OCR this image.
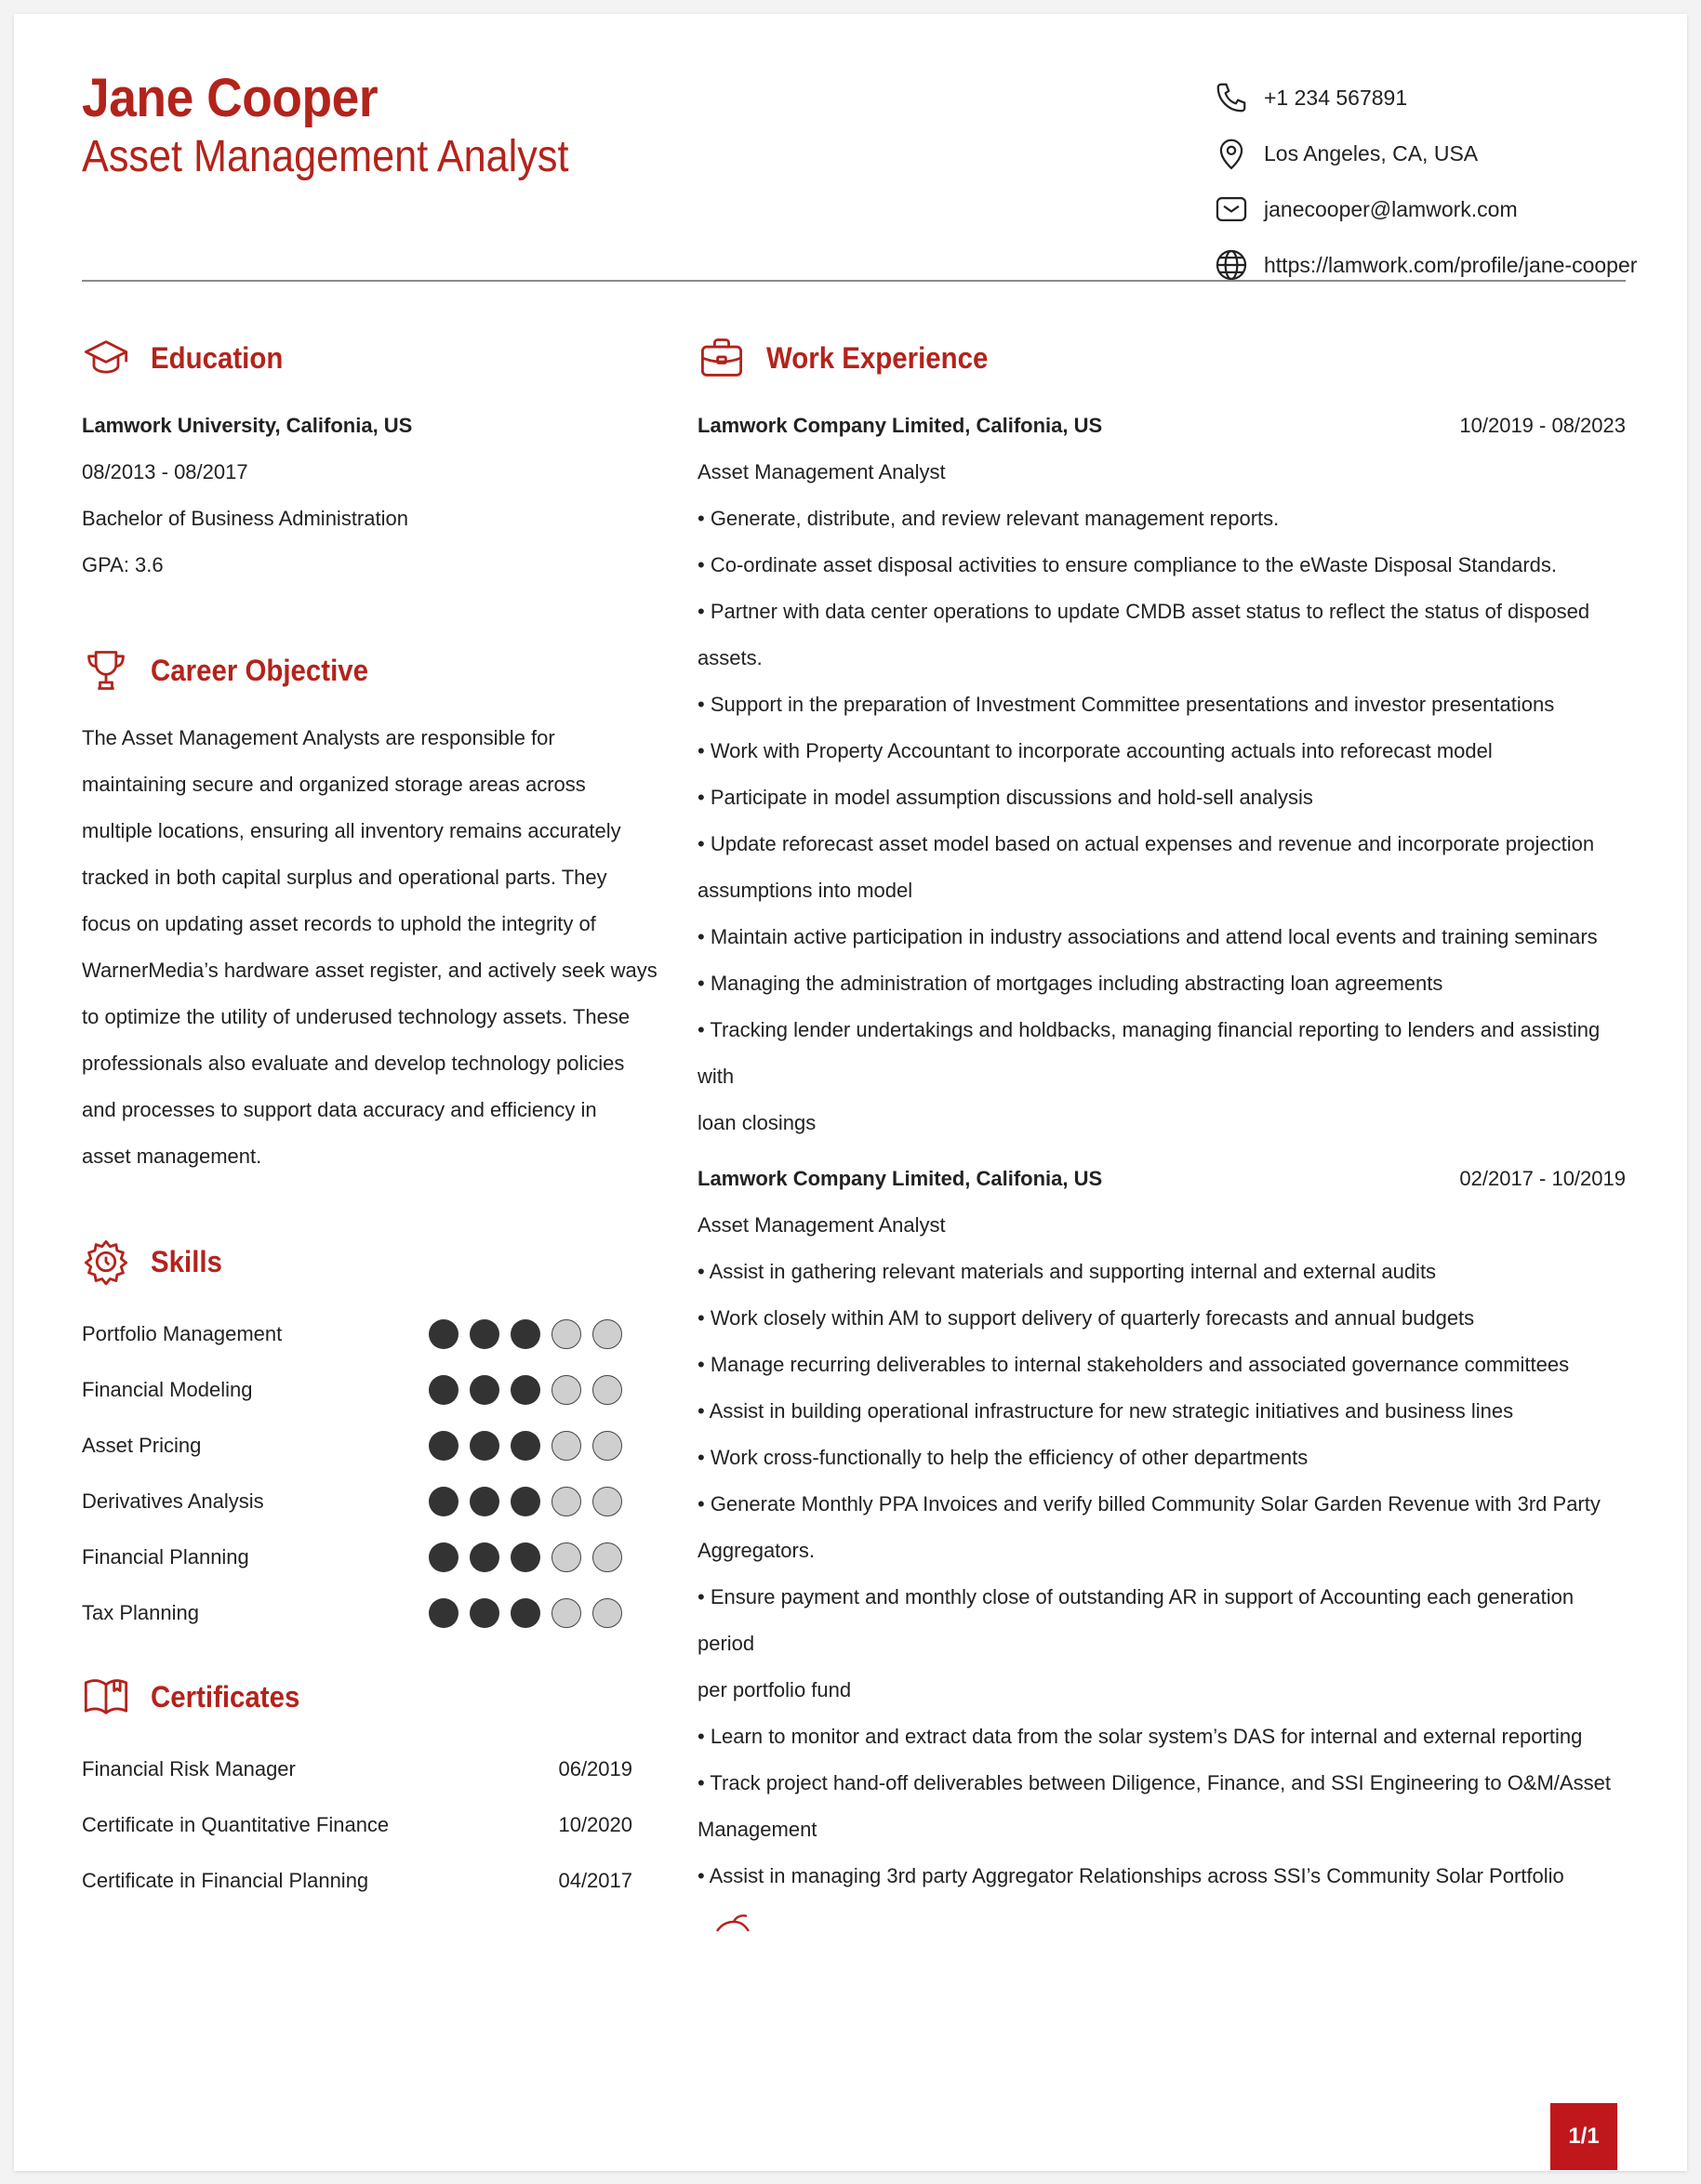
Jane Cooper
Asset Management Analyst
+1 234 567891
Los Angeles, CA, USA
janecooper@lamwork.com
https://lamwork.com/profile/jane-cooper
Education
Lamwork University, Califonia, US
08/2013 - 08/2017
Bachelor of Business Administration
GPA: 3.6
Career Objective
The Asset Management Analysts are responsible for
maintaining secure and organized storage areas across
multiple locations, ensuring all inventory remains accurately
tracked in both capital surplus and operational parts. They
focus on updating asset records to uphold the integrity of
WarnerMedia’s hardware asset register, and actively seek ways
to optimize the utility of underused technology assets. These
professionals also evaluate and develop technology policies
and processes to support data accuracy and efficiency in
asset management.
Skills
Portfolio Management
Financial Modeling
Asset Pricing
Derivatives Analysis
Financial Planning
Tax Planning
Certificates
Financial Risk Manager	06/2019
Certificate in Quantitative Finance	10/2020
Certificate in Financial Planning	04/2017
Work Experience
Lamwork Company Limited, Califonia, US	10/2019 - 08/2023
Asset Management Analyst
• Generate, distribute, and review relevant management reports.
• Co-ordinate asset disposal activities to ensure compliance to the eWaste Disposal Standards.
• Partner with data center operations to update CMDB asset status to reflect the status of disposed
assets.
• Support in the preparation of Investment Committee presentations and investor presentations
• Work with Property Accountant to incorporate accounting actuals into reforecast model
• Participate in model assumption discussions and hold-sell analysis
• Update reforecast asset model based on actual expenses and revenue and incorporate projection
assumptions into model
• Maintain active participation in industry associations and attend local events and training seminars
• Managing the administration of mortgages including abstracting loan agreements
• Tracking lender undertakings and holdbacks, managing financial reporting to lenders and assisting with
loan closings
Lamwork Company Limited, Califonia, US	02/2017 - 10/2019
Asset Management Analyst
• Assist in gathering relevant materials and supporting internal and external audits
• Work closely within AM to support delivery of quarterly forecasts and annual budgets
• Manage recurring deliverables to internal stakeholders and associated governance committees
• Assist in building operational infrastructure for new strategic initiatives and business lines
• Work cross-functionally to help the efficiency of other departments
• Generate Monthly PPA Invoices and verify billed Community Solar Garden Revenue with 3rd Party
Aggregators.
• Ensure payment and monthly close of outstanding AR in support of Accounting each generation period
per portfolio fund
• Learn to monitor and extract data from the solar system’s DAS for internal and external reporting
• Track project hand-off deliverables between Diligence, Finance, and SSI Engineering to O&M/Asset
Management
• Assist in managing 3rd party Aggregator Relationships across SSI’s Community Solar Portfolio
1/1
